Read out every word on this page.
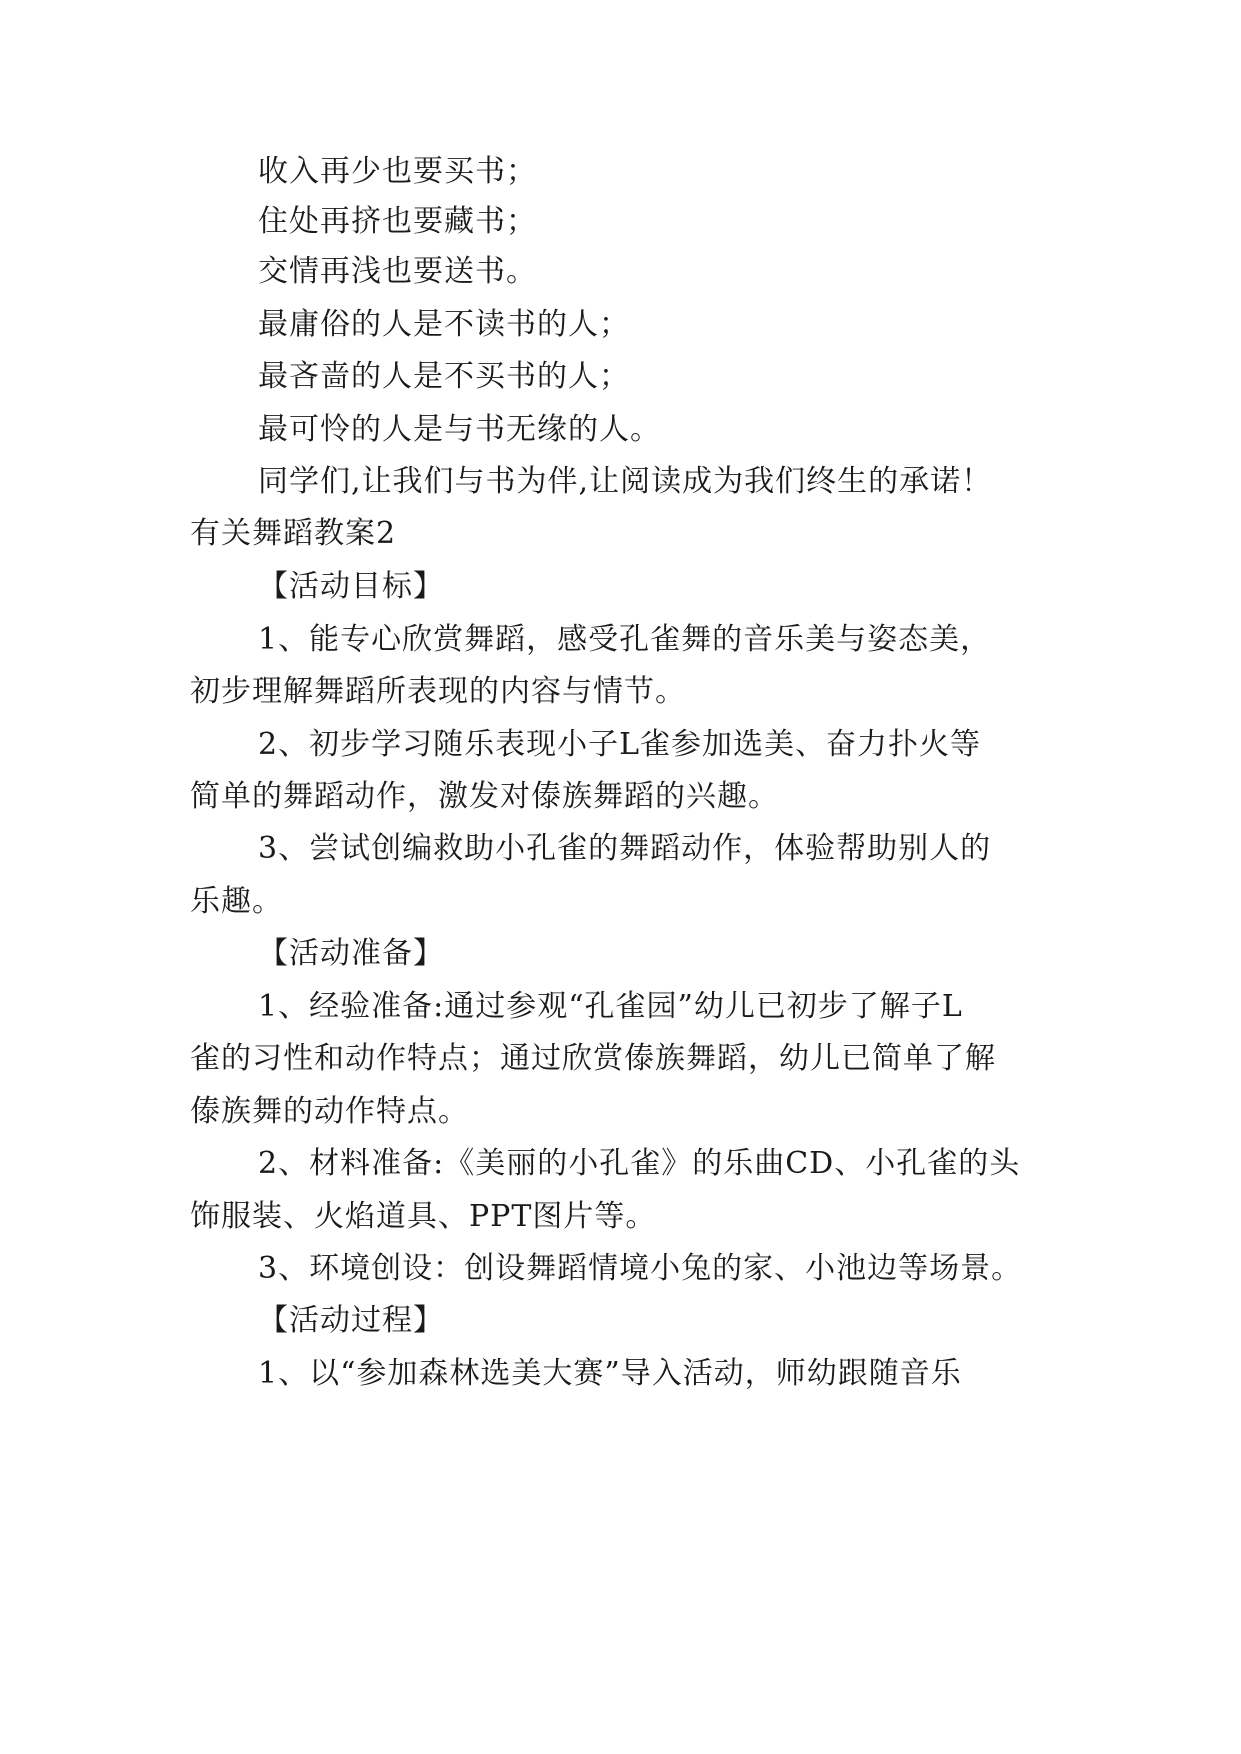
收入再少也要买书；
住处再挤也要藏书；
交情再浅也要送书。
最庸俗的人是不读书的人；
最吝啬的人是不买书的人；
最可怜的人是与书无缘的人。
同学们,让我们与书为伴,让阅读成为我们终生的承诺！
有关舞蹈教案2
【活动目标】
1、能专心欣赏舞蹈，感受孔雀舞的音乐美与姿态美，
初步理解舞蹈所表现的内容与情节。
2、初步学习随乐表现小子L雀参加选美、奋力扑火等
简单的舞蹈动作，激发对傣族舞蹈的兴趣。
3、尝试创编救助小孔雀的舞蹈动作，体验帮助别人的
乐趣。
【活动准备】
1、经验准备:通过参观“孔雀园”幼儿已初步了解子L
雀的习性和动作特点；通过欣赏傣族舞蹈，幼儿已简单了解
傣族舞的动作特点。
2、材料准备:《美丽的小孔雀》的乐曲CD、小孔雀的头
饰服装、火焰道具、PPT图片等。
3、环境创设：创设舞蹈情境小兔的家、小池边等场景。
【活动过程】
1、以“参加森林选美大赛”导入活动，师幼跟随音乐
